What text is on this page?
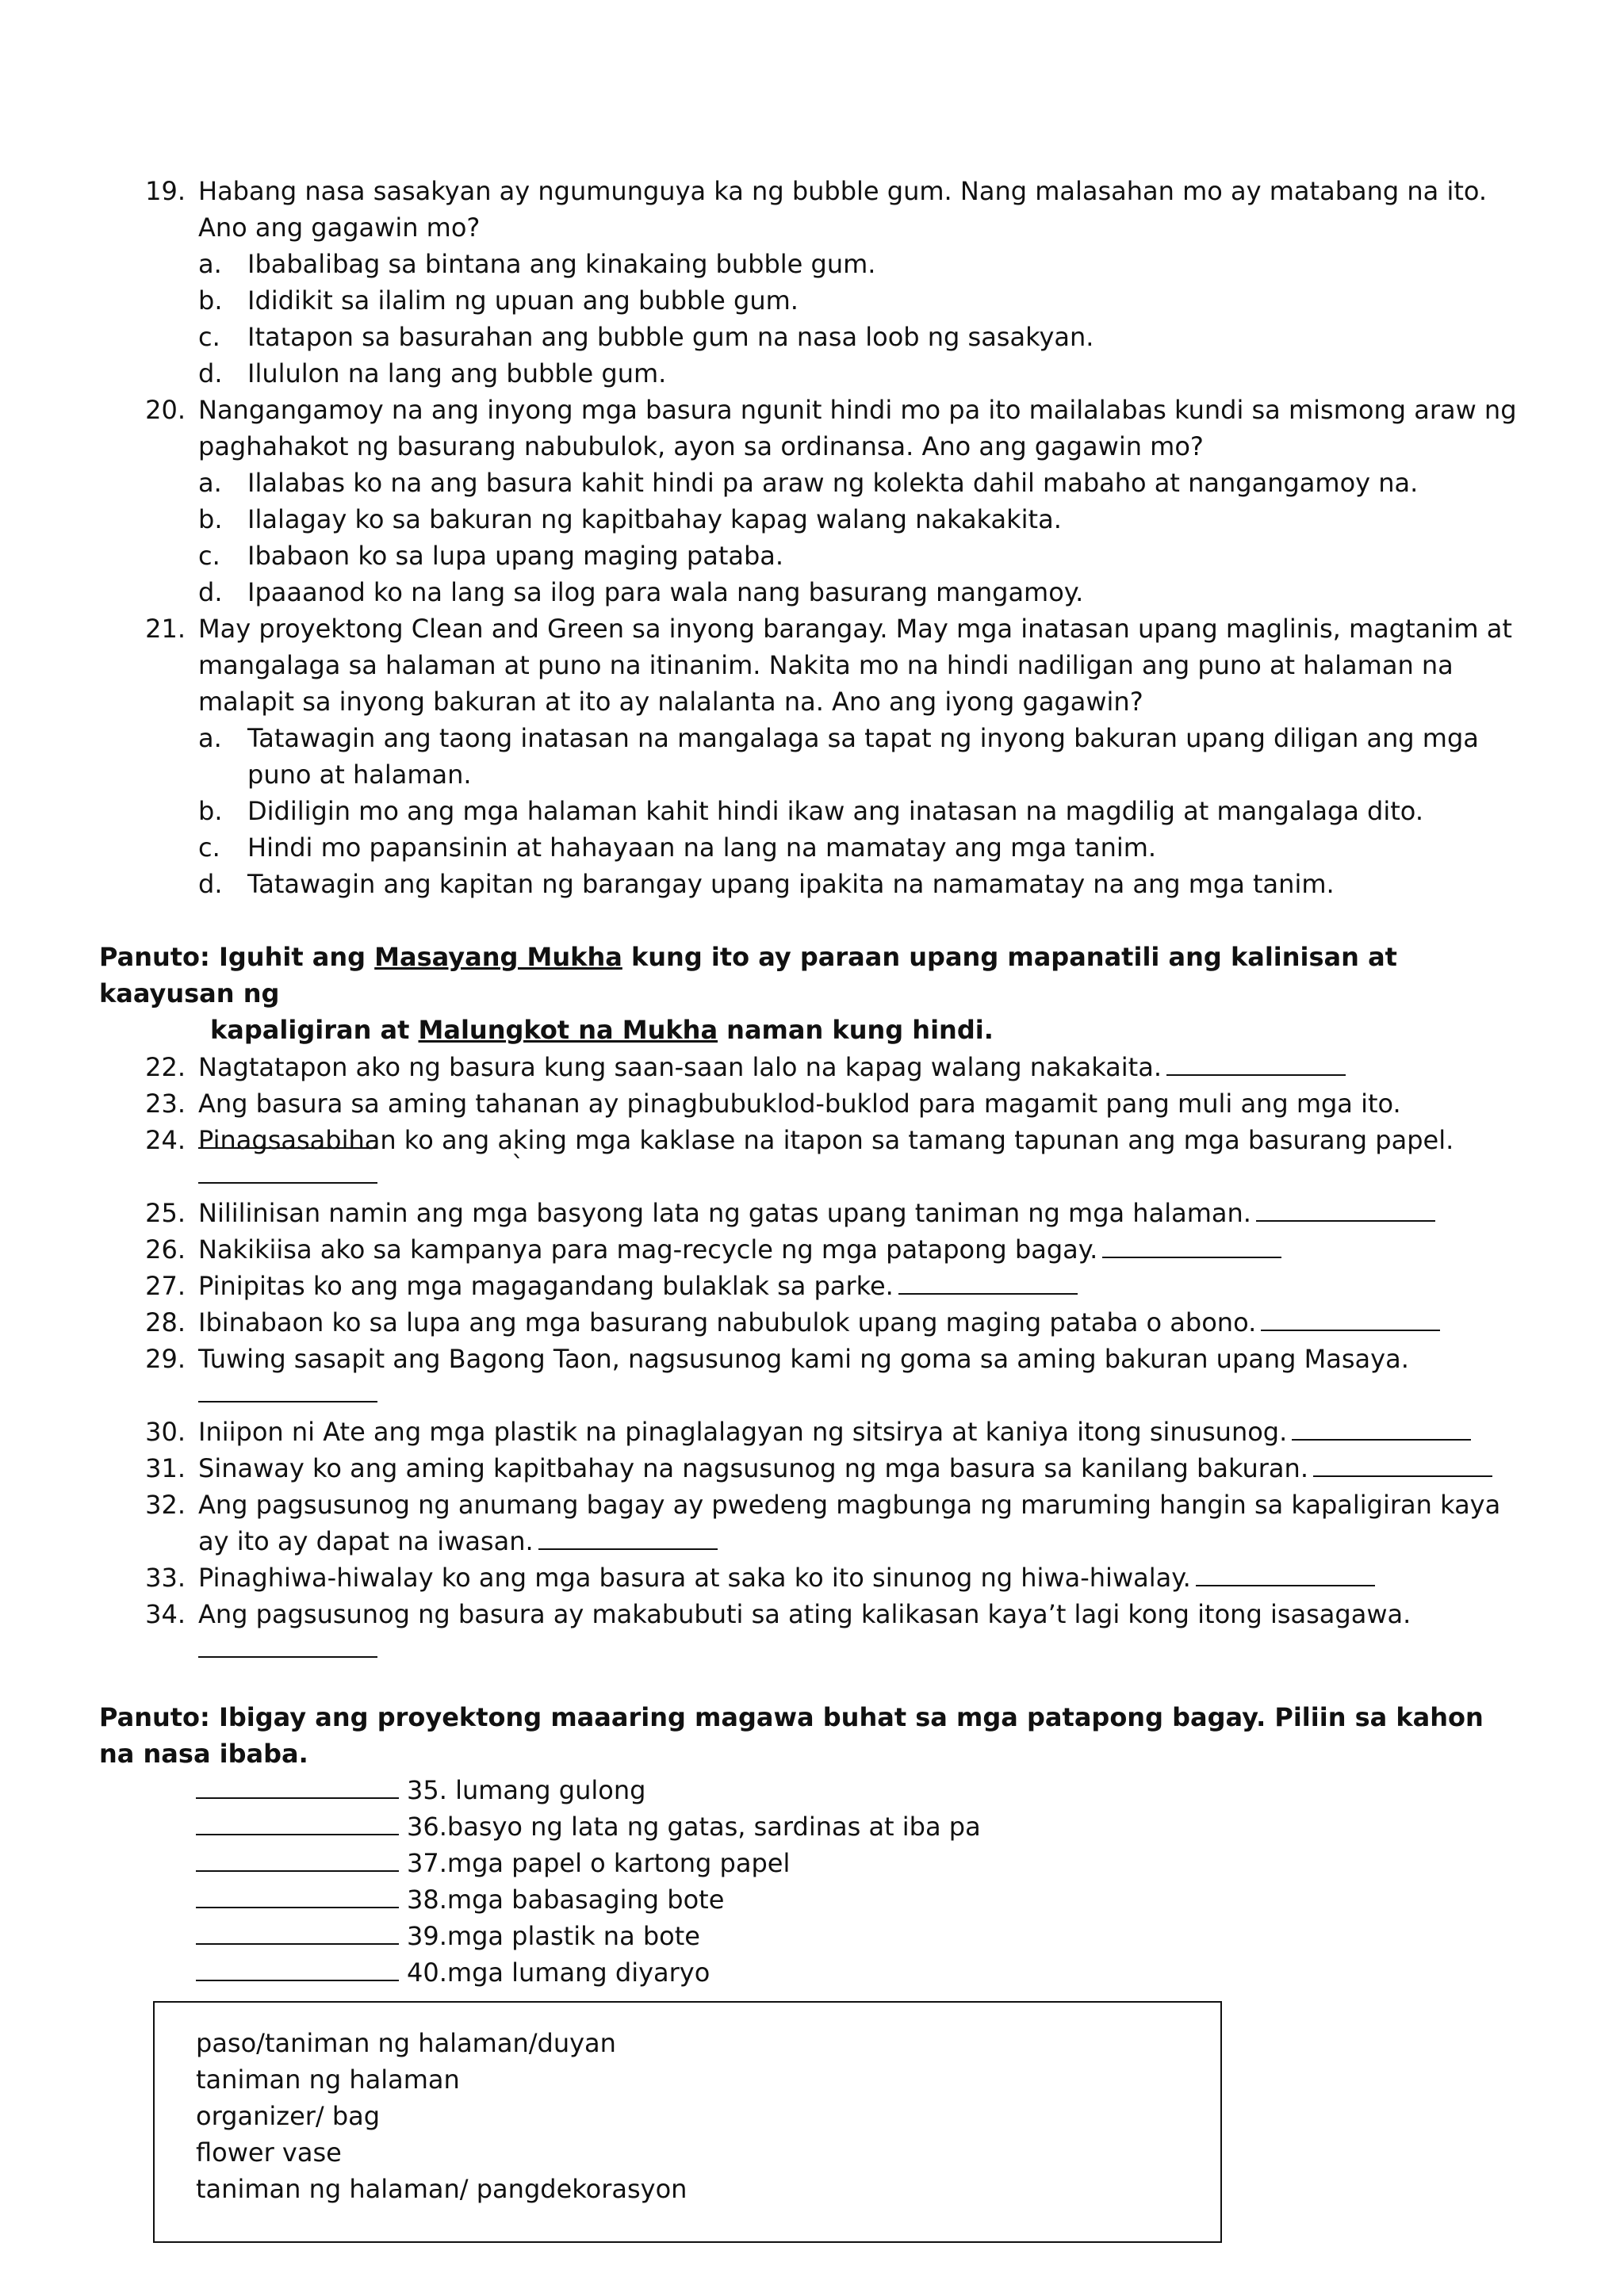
19. Habang nasa sasakyan ay ngumunguya ka ng bubble gum. Nang malasahan mo ay matabang na ito. Ano ang gagawin mo?
a. Ibabalibag sa bintana ang kinakaing bubble gum.
b. Ididikit sa ilalim ng upuan ang bubble gum.
c. Itatapon sa basurahan ang bubble gum na nasa loob ng sasakyan.
d. Ilululon na lang ang bubble gum.
20. Nangangamoy na ang inyong mga basura ngunit hindi mo pa ito mailalabas kundi sa mismong araw ng paghahakot ng basurang nabubulok, ayon sa ordinansa. Ano ang gagawin mo?
a. Ilalabas ko na ang basura kahit hindi pa araw ng kolekta dahil mabaho at nangangamoy na.
b. Ilalagay ko sa bakuran ng kapitbahay kapag walang nakakakita.
c. Ibabaon ko sa lupa upang maging pataba.
d. Ipaaanod ko na lang sa ilog para wala nang basurang mangamoy.
21. May proyektong Clean and Green sa inyong barangay. May mga inatasan upang maglinis, magtanim at mangalaga sa halaman at puno na itinanim. Nakita mo na hindi nadiligan ang puno at halaman na malapit sa inyong bakuran at ito ay nalalanta na. Ano ang iyong gagawin?
a. Tatawagin ang taong inatasan na mangalaga sa tapat ng inyong bakuran upang diligan ang mga puno at halaman.
b. Didiligin mo ang mga halaman kahit hindi ikaw ang inatasan na magdilig at mangalaga dito.
c. Hindi mo papansinin at hahayaan na lang na mamatay ang mga tanim.
d. Tatawagin ang kapitan ng barangay upang ipakita na namamatay na ang mga tanim.
Panuto: Iguhit ang Masayang Mukha kung ito ay paraan upang mapanatili ang kalinisan at kaayusan ng
kapaligiran at Malungkot na Mukha naman kung hindi.
22. Nagtatapon ako ng basura kung saan-saan lalo na kapag walang nakakaita.
23. Ang basura sa aming tahanan ay pinagbubuklod-buklod para magamit pang muli ang mga ito.
24. Pinagsasabihan ko ang aking mga kaklase na itapon sa tamang tapunan ang mga basurang papel.
`
25. Nililinisan namin ang mga basyong lata ng gatas upang taniman ng mga halaman.
26. Nakikiisa ako sa kampanya para mag-recycle ng mga patapong bagay.
27. Pinipitas ko ang mga magagandang bulaklak sa parke.
28. Ibinabaon ko sa lupa ang mga basurang nabubulok upang maging pataba o abono.
29. Tuwing sasapit ang Bagong Taon, nagsusunog kami ng goma sa aming bakuran upang Masaya.
30. Iniipon ni Ate ang mga plastik na pinaglalagyan ng sitsirya at kaniya itong sinusunog.
31. Sinaway ko ang aming kapitbahay na nagsusunog ng mga basura sa kanilang bakuran.
32. Ang pagsusunog ng anumang bagay ay pwedeng magbunga ng maruming hangin sa kapaligiran kaya ay ito ay dapat na iwasan.
33. Pinaghiwa-hiwalay ko ang mga basura at saka ko ito sinunog ng hiwa-hiwalay.
34. Ang pagsusunog ng basura ay makabubuti sa ating kalikasan kaya’t lagi kong itong isasagawa.
Panuto: Ibigay ang proyektong maaaring magawa buhat sa mga patapong bagay. Piliin sa kahon na nasa ibaba.
35. lumang gulong
36.basyo ng lata ng gatas, sardinas at iba pa
37.mga papel o kartong papel
38.mga babasaging bote
39.mga plastik na bote
40.mga lumang diyaryo
paso/taniman ng halaman/duyan
taniman ng halaman
organizer/ bag
flower vase
taniman ng halaman/ pangdekorasyon
